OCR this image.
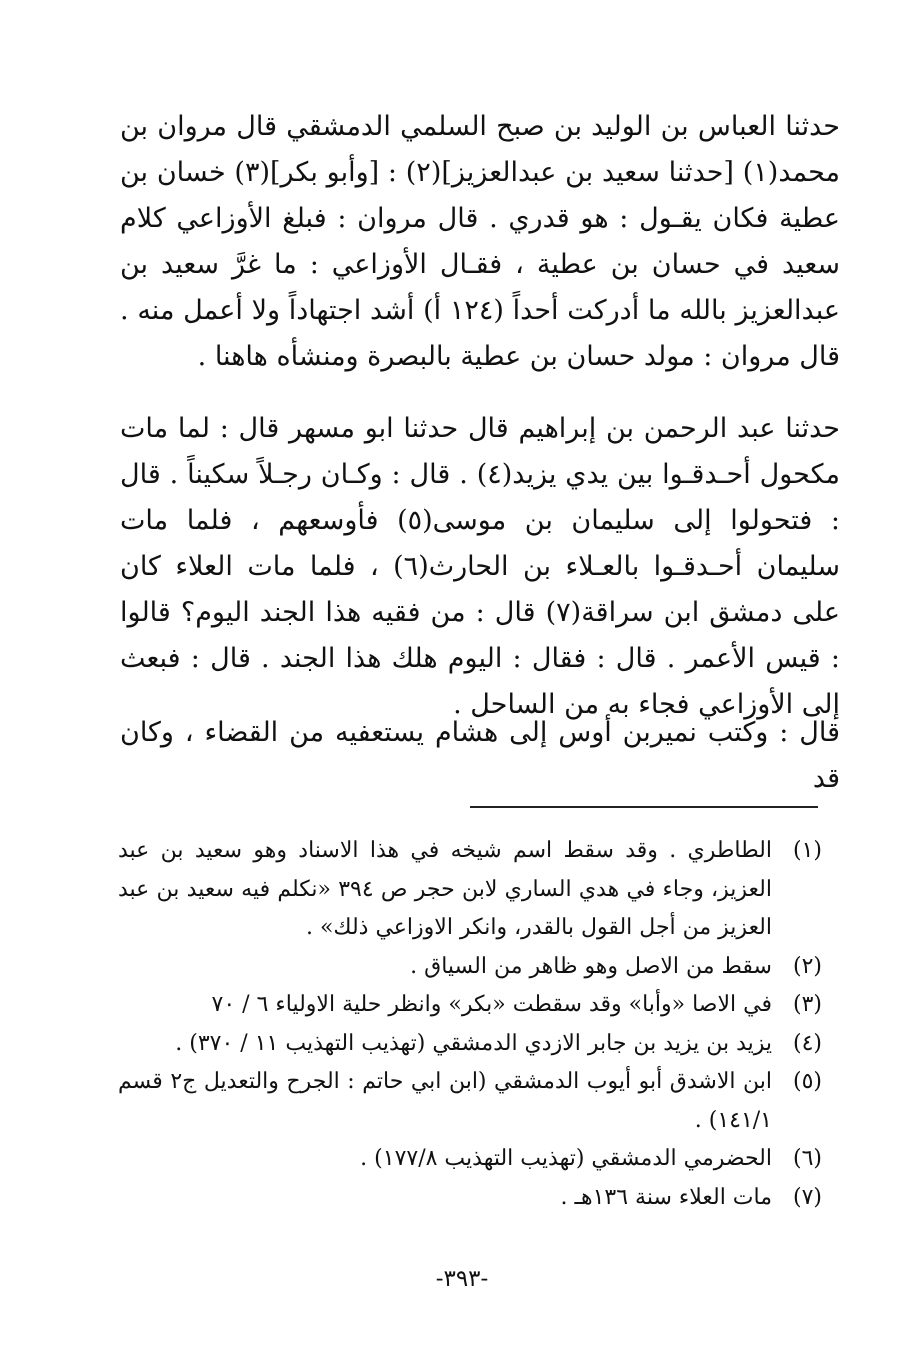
حدثنا العباس بن الوليد بن صبح السلمي الدمشقي قال مروان بن محمد(١) [حدثنا سعيد بن عبدالعزيز](٢) : [وأبو بكر](٣) خسان بن عطية فكان يقـول : هو قدري . قال مروان : فبلغ الأوزاعي كلام سعيد في حسان بن عطية ، فقـال الأوزاعي : ما غرَّ سعيد بن عبدالعزيز بالله ما أدركت أحداً (١٢٤ أ) أشد اجتهاداً ولا أعمل منه . قال مروان : مولد حسان بن عطية بالبصرة ومنشأه هاهنا .

حدثنا عبد الرحمن بن إبراهيم قال حدثنا ابو مسهر قال : لما مات مكحول أحـدقـوا بين يدي يزيد(٤) . قال : وكـان رجـلاً سكيناً . قال : فتحولوا إلى سليمان بن موسى(٥) فأوسعهم ، فلما مات سليمان أحـدقـوا بالعـلاء بن الحارث(٦) ، فلما مات العلاء كان على دمشق ابن سراقة(٧) قال : من فقيه هذا الجند اليوم؟ قالوا : قيس الأعمر . قال : فقال : اليوم هلك هذا الجند . قال : فبعث إلى الأوزاعي فجاء به من الساحل .

قال : وكتب نميربن أوس إلى هشام يستعفيه من القضاء ، وكان قد

(١)
الطاطري . وقد سقط اسم شيخه في هذا الاسناد وهو سعيد بن عبد العزيز، وجاء في هدي الساري لابن حجر ص ٣٩٤ «نكلم فيه سعيد بن عبد العزيز من أجل القول بالقدر، وانكر الاوزاعي ذلك» .
(٢)
سقط من الاصل وهو ظاهر من السياق .
(٣)
في الاصا «وأبا» وقد سقطت «بكر» وانظر حلية الاولياء ٦ / ٧٠
(٤)
يزيد بن يزيد بن جابر الازدي الدمشقي (تهذيب التهذيب ١١ / ٣٧٠) .
(٥)
ابن الاشدق أبو أيوب الدمشقي (ابن ابي حاتم : الجرح والتعديل ج٢ قسم ١٤١/١) .
(٦)
الحضرمي الدمشقي (تهذيب التهذيب ١٧٧/٨) .
(٧)
مات العلاء سنة ١٣٦هـ .
-٣٩٣-
